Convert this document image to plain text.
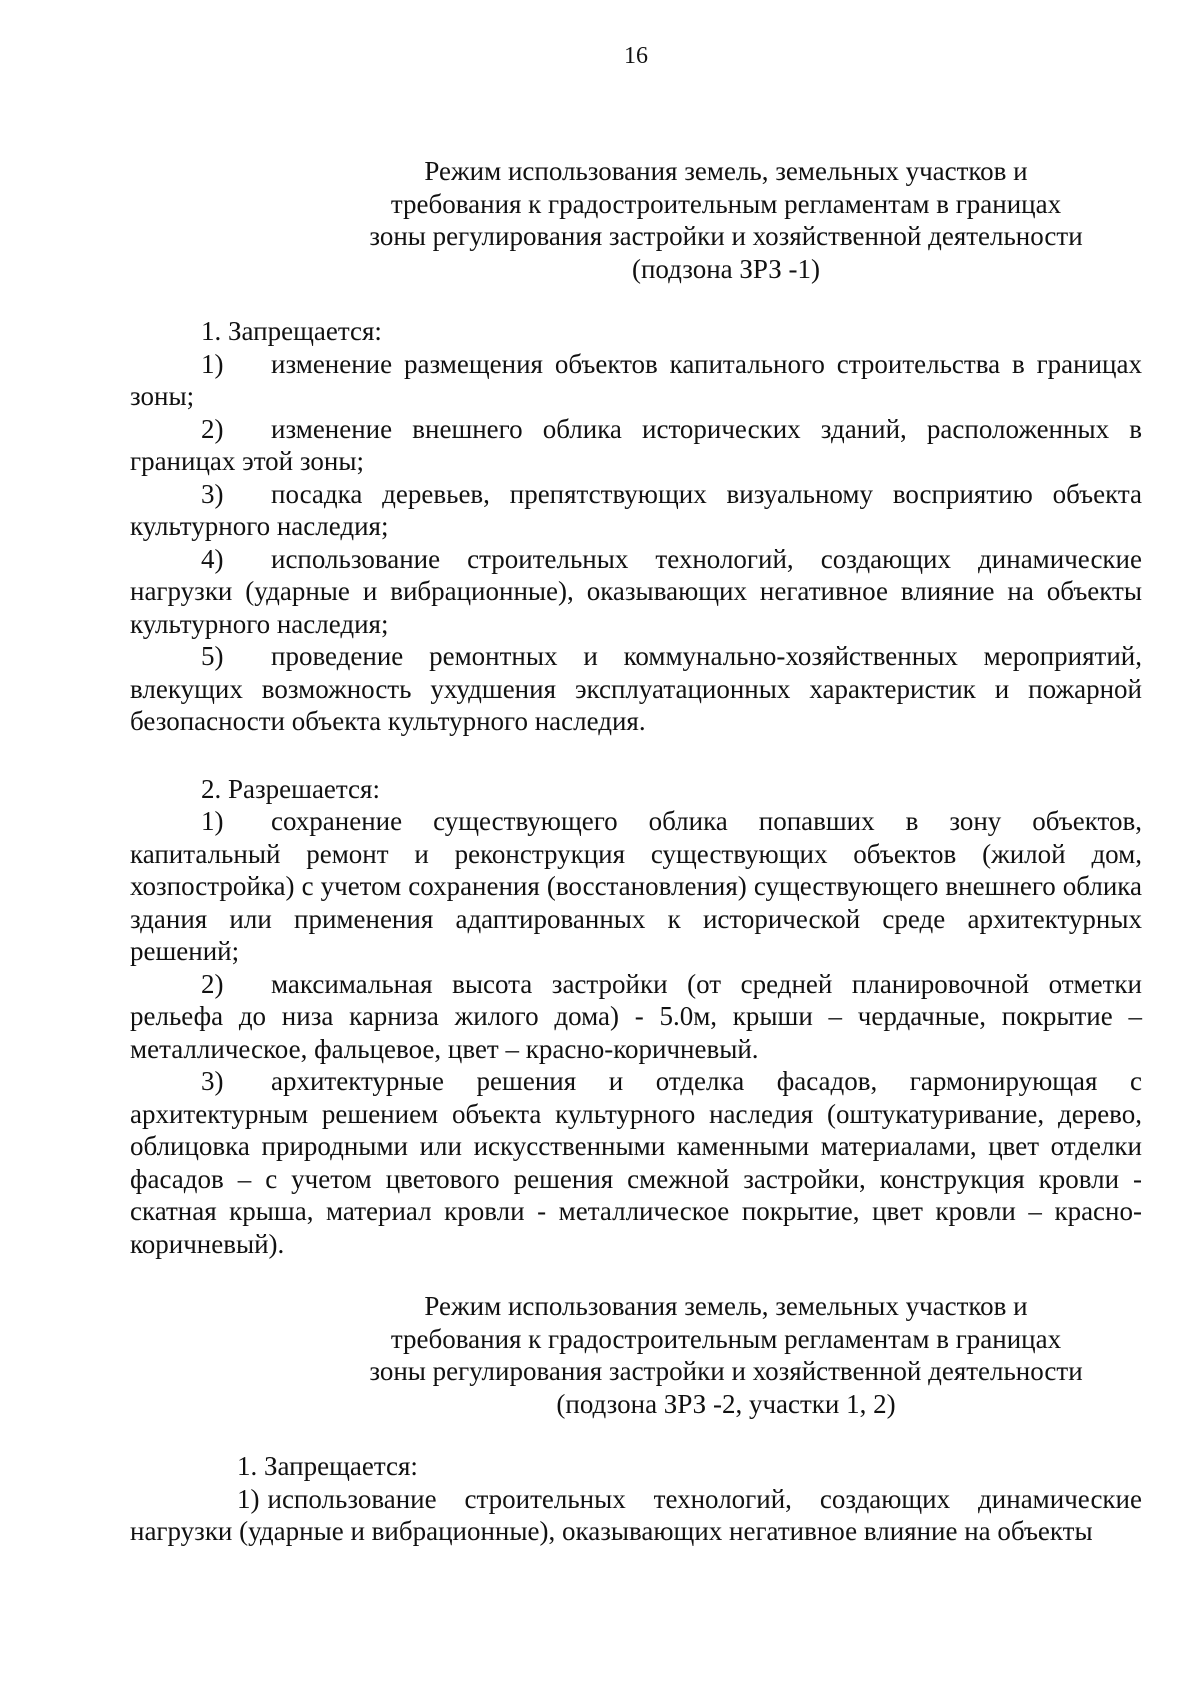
16
Режим использования земель, земельных участков и
требования к градостроительным регламентам в границах
зоны регулирования застройки и хозяйственной деятельности
(подзона ЗРЗ -1)

1. Запрещается:

1) изменение размещения объектов капитального строительства в границах зоны;

2) изменение внешнего облика исторических зданий, расположенных в границах этой зоны;

3) посадка деревьев, препятствующих визуальному восприятию объекта культурного наследия;

4) использование строительных технологий, создающих динамические нагрузки (ударные и вибрационные), оказывающих негативное влияние на объекты культурного наследия;

5) проведение ремонтных и коммунально-хозяйственных мероприятий, влекущих возможность ухудшения эксплуатационных характеристик и пожарной безопасности объекта культурного наследия.

2. Разрешается:

1) сохранение существующего облика попавших в зону объектов, капитальный ремонт и реконструкция существующих объектов (жилой дом, хозпостройка) с учетом сохранения (восстановления) существующего внешнего облика здания или применения адаптированных к исторической среде архитектурных решений;

2) максимальная высота застройки (от средней планировочной отметки рельефа до низа карниза жилого дома) - 5.0м, крыши – чердачные, покрытие – металлическое, фальцевое, цвет – красно-коричневый.

3) архитектурные решения и отделка фасадов, гармонирующая с архитектурным решением объекта культурного наследия (оштукатуривание, дерево, облицовка природными или искусственными каменными материалами, цвет отделки фасадов – с учетом цветового решения смежной застройки, конструкция кровли - скатная крыша, материал кровли - металлическое покрытие, цвет кровли – красно-коричневый).

Режим использования земель, земельных участков и
требования к градостроительным регламентам в границах
зоны регулирования застройки и хозяйственной деятельности
(подзона ЗРЗ -2, участки 1, 2)

1. Запрещается:

1) использование строительных технологий, создающих динамические нагрузки (ударные и вибрационные), оказывающих негативное влияние на объекты
